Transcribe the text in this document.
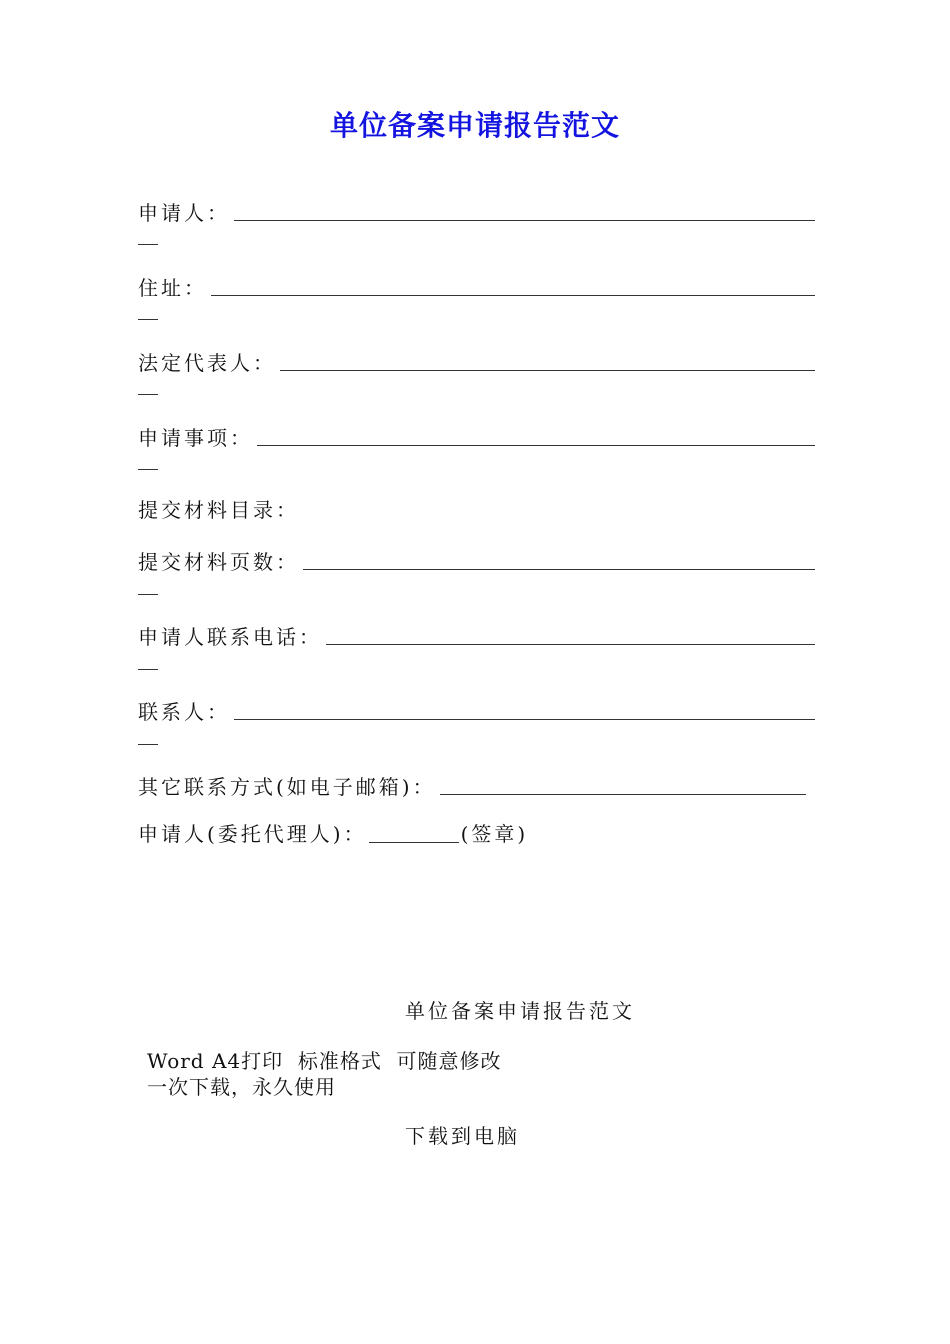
单位备案申请报告范文
申请人：
住址：
法定代表人：
申请事项：
提交材料目录：
提交材料页数：
申请人联系电话：
联系人：
其它联系方式(如电子邮箱)：
申请人(委托代理人)：	(签章)
单位备案申请报告范文
Word A4打印  标准格式  可随意修改
一次下载，永久使用
下载到电脑
